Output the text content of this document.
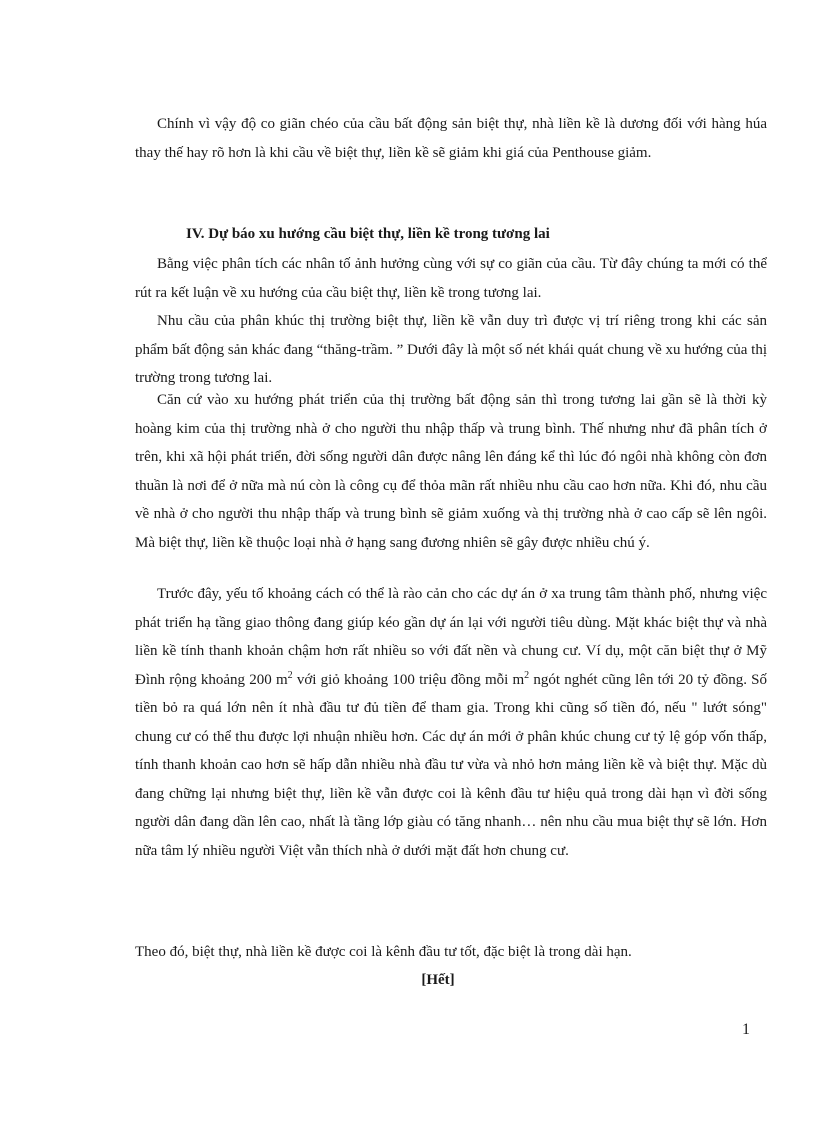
Chính vì vậy độ co giãn chéo của cầu bất động sản biệt thự, nhà liền kề là dương đối với hàng húa thay thế hay rõ hơn là khi cầu về biệt thự, liền kề sẽ giảm khi giá của Penthouse giảm.

IV. Dự báo xu hướng cầu biệt thự, liền kề trong tương lai

Bằng việc phân tích các nhân tố ảnh hưởng cùng với sự co giãn của cầu. Từ đây chúng ta mới có thể rút ra kết luận về xu hướng của cầu biệt thự, liền kề trong tương lai.

Nhu cầu của phân khúc thị trường biệt thự, liền kề vẫn duy trì được vị trí riêng trong khi các sản phẩm bất động sản khác đang “thăng-trầm. ” Dưới đây là một số nét khái quát chung về xu hướng của thị trường trong tương lai.

Căn cứ vào xu hướng phát triển của thị trường bất động sản thì trong tương lai gần sẽ là thời kỳ hoàng kim của thị trường nhà ở cho người thu nhập thấp và trung bình. Thế nhưng như đã phân tích ở trên, khi xã hội phát triển, đời sống người dân được nâng lên đáng kể thì lúc đó ngôi nhà không còn đơn thuần là nơi để ở nữa mà nú còn là công cụ để thỏa mãn rất nhiều nhu cầu cao hơn nữa. Khi đó, nhu cầu về nhà ở cho người thu nhập thấp và trung bình sẽ giảm xuống và thị trường nhà ở cao cấp sẽ lên ngôi. Mà biệt thự, liền kề thuộc loại nhà ở hạng sang đương nhiên sẽ gây được nhiều chú ý.

Trước đây, yếu tố khoảng cách có thể là rào cản cho các dự án ở xa trung tâm thành phố, nhưng việc phát triển hạ tầng giao thông đang giúp kéo gần dự án lại với người tiêu dùng. Mặt khác biệt thự và nhà liền kề tính thanh khoản chậm hơn rất nhiều so với đất nền và chung cư. Ví dụ, một căn biệt thự ở Mỹ Đình rộng khoảng 200 $m^2$ với giỏ khoảng 100 triệu đồng mỗi $m^2$ ngót nghét cũng lên tới 20 tỷ đồng. Số tiền bỏ ra quá lớn nên ít nhà đầu tư đủ tiền để tham gia. Trong khi cũng số tiền đó, nếu " lướt sóng" chung cư có thể thu được lợi nhuận nhiều hơn. Các dự án mới ở phân khúc chung cư tỷ lệ góp vốn thấp, tính thanh khoản cao hơn sẽ hấp dẫn nhiều nhà đầu tư vừa và nhỏ hơn mảng liền kề và biệt thự. Mặc dù đang chững lại nhưng biệt thự, liền kề vẫn được coi là kênh đầu tư hiệu quả trong dài hạn vì đời sống người dân đang dần lên cao, nhất là tầng lớp giàu có tăng nhanh… nên nhu cầu mua biệt thự sẽ lớn. Hơn nữa tâm lý nhiều người Việt vẫn thích nhà ở dưới mặt đất hơn chung cư.

Theo đó, biệt thự, nhà liền kề được coi là kênh đầu tư tốt, đặc biệt là trong dài hạn.

[Hết]

1
